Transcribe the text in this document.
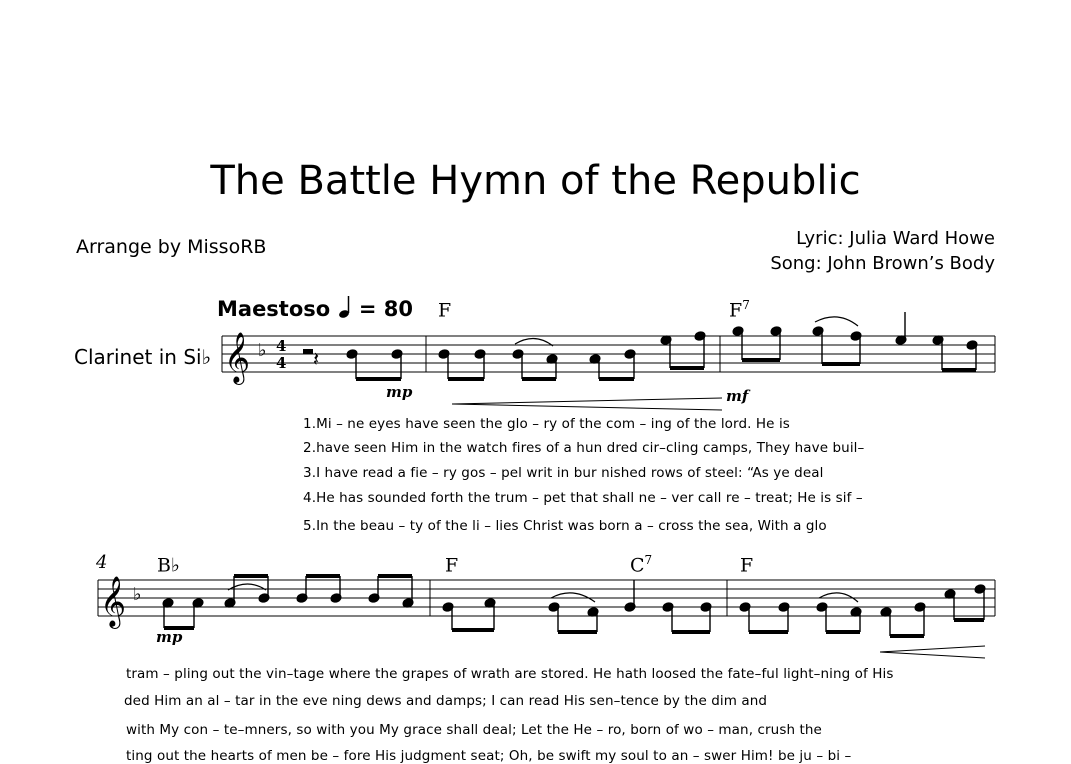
The Battle Hymn of the Republic
Arrange by MissoRB	Lyric: Julia Ward Howe
Song: John Brown’s Body
Maestoso = 80
Clarinet in Si♭
F	$F^7$
mp	mf
4	B♭	F	$C^7$	F
mp
1.Mi – ne eyes have seen the glo – ry of the com – ing of the lord. He is
2.have seen Him in the watch fires of a hun dred cir–cling camps, They have buil–
3.I have read a fie – ry gos – pel writ in bur nished rows of steel: “As ye deal
4.He has sounded forth the trum – pet that shall ne – ver call re – treat; He is sif –
5.In the beau – ty of the li – lies Christ was born a – cross the sea, With a glo
tram – pling out the vin–tage where the grapes of wrath are stored. He hath loosed the fate–ful light–ning of His
ded Him an al – tar in the eve ning dews and damps; I can read His sen–tence by the dim and
with My con – te–mners, so with you My grace shall deal; Let the He – ro, born of wo – man, crush the
ting out the hearts of men be – fore His judgment seat; Oh, be swift my soul to an – swer Him! be ju – bi –
𝄞 ♭ 4
4 𝄽
𝄞 ♭
